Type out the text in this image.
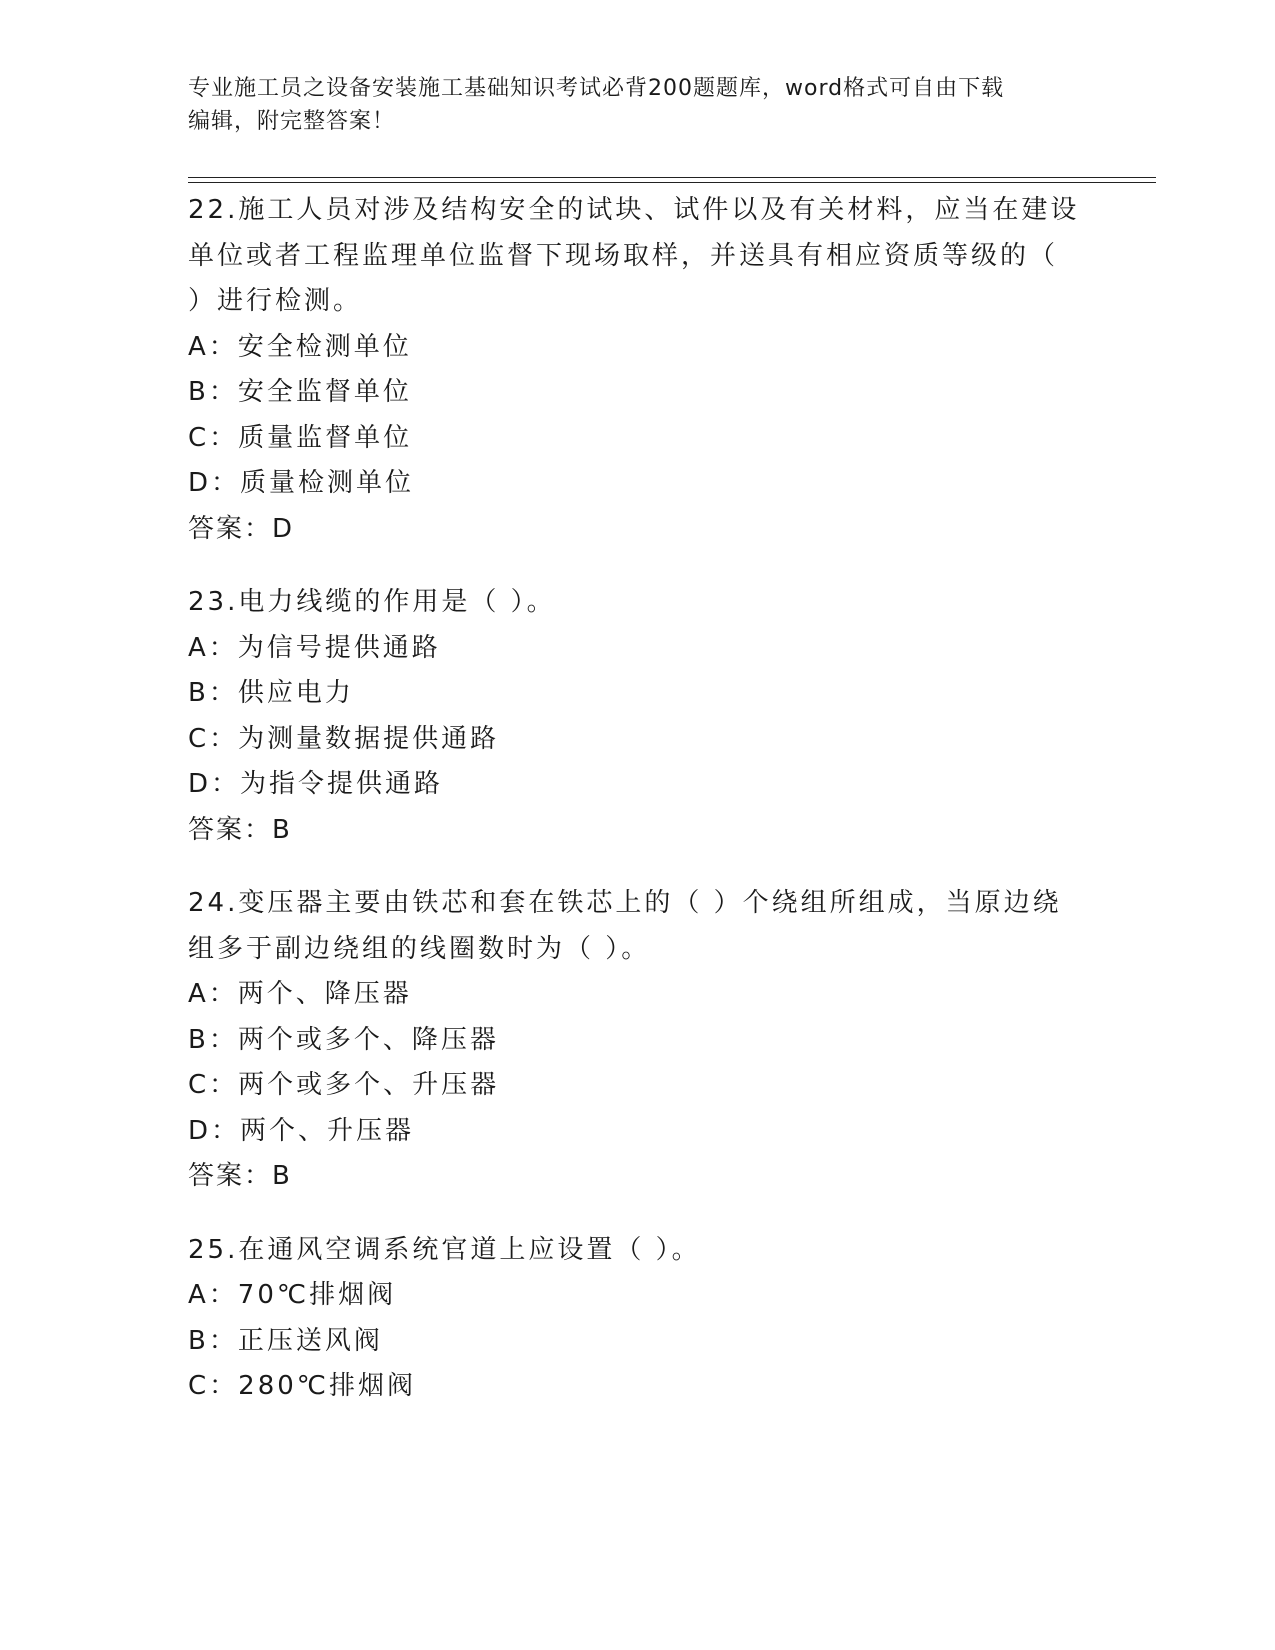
专业施工员之设备安装施工基础知识考试必背200题题库，word格式可自由下载
编辑，附完整答案！
22.施工人员对涉及结构安全的试块、试件以及有关材料，应当在建设
单位或者工程监理单位监督下现场取样，并送具有相应资质等级的（
）进行检测。
A：安全检测单位
B：安全监督单位
C：质量监督单位
D：质量检测单位
答案：D
23.电力线缆的作用是（ ）。
A：为信号提供通路
B：供应电力
C：为测量数据提供通路
D：为指令提供通路
答案：B
24.变压器主要由铁芯和套在铁芯上的（ ）个绕组所组成，当原边绕
组多于副边绕组的线圈数时为（ ）。
A：两个、降压器
B：两个或多个、降压器
C：两个或多个、升压器
D：两个、升压器
答案：B
25.在通风空调系统官道上应设置（ ）。
A：70℃排烟阀
B：正压送风阀
C：280℃排烟阀
